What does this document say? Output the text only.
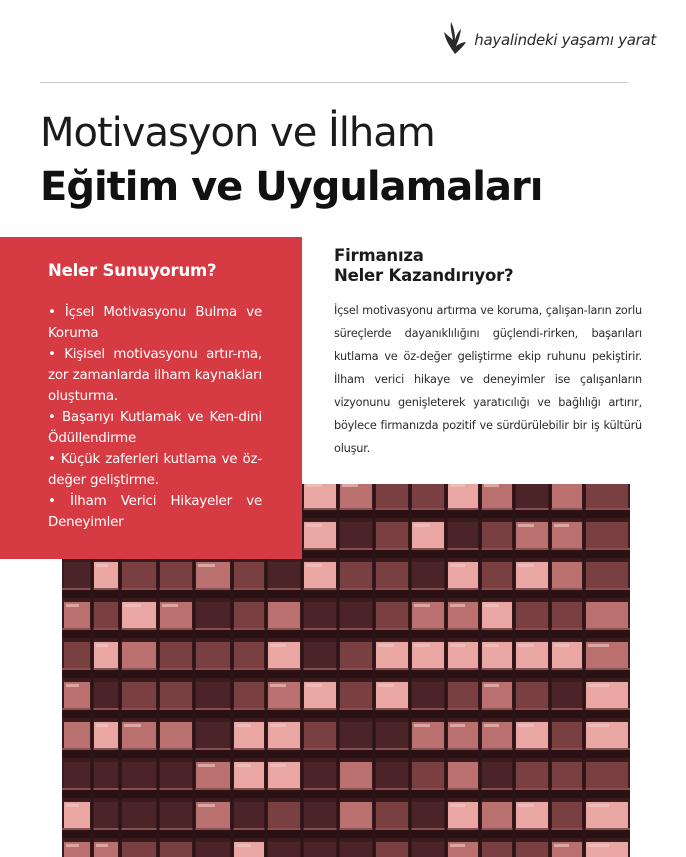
hayalindeki yaşamı yarat
Motivasyon ve İlham
Eğitim ve Uygulamaları
Neler Sunuyorum?
• İçsel Motivasyonu Bulma ve Koruma
• Kişisel motivasyonu artır-ma, zor zamanlarda ilham kaynakları oluşturma.
• Başarıyı Kutlamak ve Ken-dini Ödüllendirme
• Küçük zaferleri kutlama ve öz-değer geliştirme.
• İlham Verici Hikayeler ve Deneyimler
Firmanıza
Neler Kazandırıyor?

İçsel motivasyonu artırma ve koruma, çalışan-ların zorlu süreçlerde dayanıklılığını güçlendi-rirken, başarıları kutlama ve öz-değer geliştirme ekip ruhunu pekiştirir. İlham verici hikaye ve deneyimler ise çalışanların vizyonunu genişleterek yaratıcılığı ve bağlılığı artırır, böylece firmanızda pozitif ve sürdürülebilir bir iş kültürü oluşur.
